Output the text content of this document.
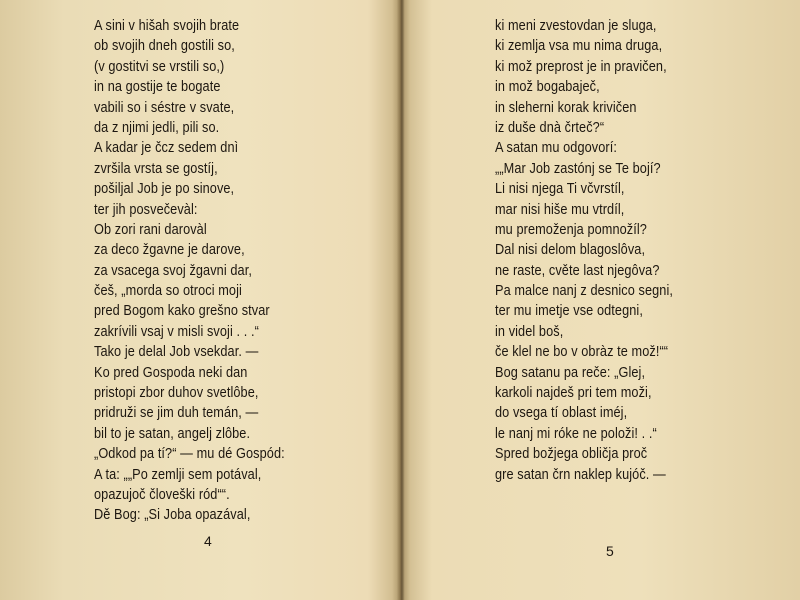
A sini v hišah svojih brate
ob svojih dneh gostili so,
(v gostitvi se vrstili so,)
in na gostije te bogate
vabili so i séstre v svate,
da z njimi jedli, pili so.
A kadar je čcz sedem dnì
zvršila vrsta se gostíj,
pošiljal Job je po sinove,
ter jih posvečevàl:
Ob zori rani darovàl
za deco žgavne je darove,
za vsacega svoj žgavni dar,
češ, „morda so otroci moji
pred Bogom kako grešno stvar
zakrívili vsaj v misli svoji . . .“
Tako je delal Job vsekdar. —
Ko pred Gospoda neki dan
pristopi zbor duhov svetlôbe,
pridruži se jim duh temán, —
bil to je satan, angelj zlôbe.
„Odkod pa tí?“ — mu dé Gospód:
A ta: „„Po zemlji sem potával,
opazujoč človeški ród““.
Dě Bog: „Si Joba opazával,
4
ki meni zvestovdan je sluga,
ki zemlja vsa mu nima druga,
ki mož preprost je in pravičen,
in mož bogabaječ,
in sleherni korak krivičen
iz duše dnà črteč?“
A satan mu odgovorí:
„„Mar Job zastónj se Te bojí?
Li nisi njega Ti včvrstíl,
mar nisi hiše mu vtrdíl,
mu premoženja pomnožíl?
Dal nisi delom blagoslôva,
ne raste, cvěte last njegôva?
Pa malce nanj z desnico segni,
ter mu imetje vse odtegni,
in videl boš,
če klel ne bo v obràz te mož!““
Bog satanu pa reče: „Glej,
karkoli najdeš pri tem moži,
do vsega tí oblast iméj,
le nanj mi róke ne položi! . .“
Spred božjega obličja proč
gre satan črn naklep kujóč. —
5
